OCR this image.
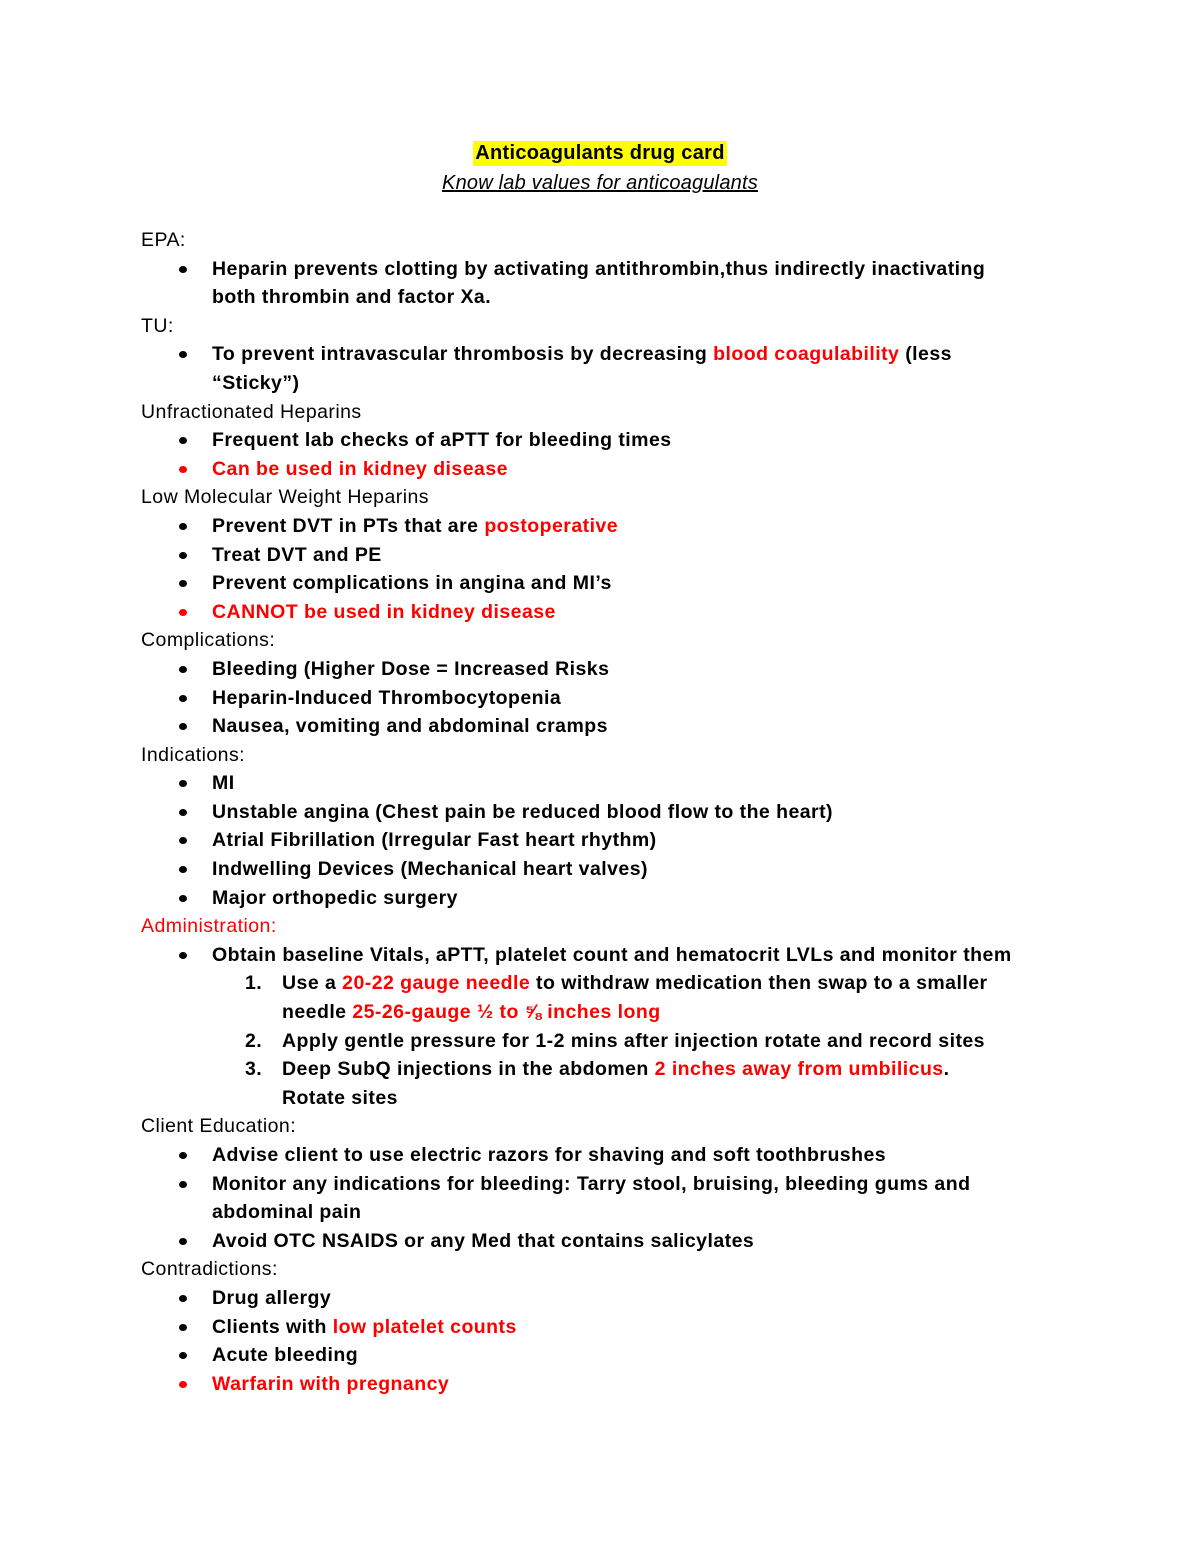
Anticoagulants drug card
Know lab values for anticoagulants
EPA:
Heparin prevents clotting by activating antithrombin,thus indirectly inactivating
both thrombin and factor Xa.
TU:
To prevent intravascular thrombosis by decreasing blood coagulability (less
“Sticky”)
Unfractionated Heparins
Frequent lab checks of aPTT for bleeding times
Can be used in kidney disease
Low Molecular Weight Heparins
Prevent DVT in PTs that are postoperative
Treat DVT and PE
Prevent complications in angina and MI’s
CANNOT be used in kidney disease
Complications:
Bleeding (Higher Dose = Increased Risks
Heparin-Induced Thrombocytopenia
Nausea, vomiting and abdominal cramps
Indications:
MI
Unstable angina (Chest pain be reduced blood flow to the heart)
Atrial Fibrillation (Irregular Fast heart rhythm)
Indwelling Devices (Mechanical heart valves)
Major orthopedic surgery
Administration:
Obtain baseline Vitals, aPTT, platelet count and hematocrit LVLs and monitor them
1. Use a 20-22 gauge needle to withdraw medication then swap to a smaller
needle 25-26-gauge ½ to ⅝ inches long
2. Apply gentle pressure for 1-2 mins after injection rotate and record sites
3. Deep SubQ injections in the abdomen 2 inches away from umbilicus.
Rotate sites
Client Education:
Advise client to use electric razors for shaving and soft toothbrushes
Monitor any indications for bleeding: Tarry stool, bruising, bleeding gums and
abdominal pain
Avoid OTC NSAIDS or any Med that contains salicylates
Contradictions:
Drug allergy
Clients with low platelet counts
Acute bleeding
Warfarin with pregnancy
